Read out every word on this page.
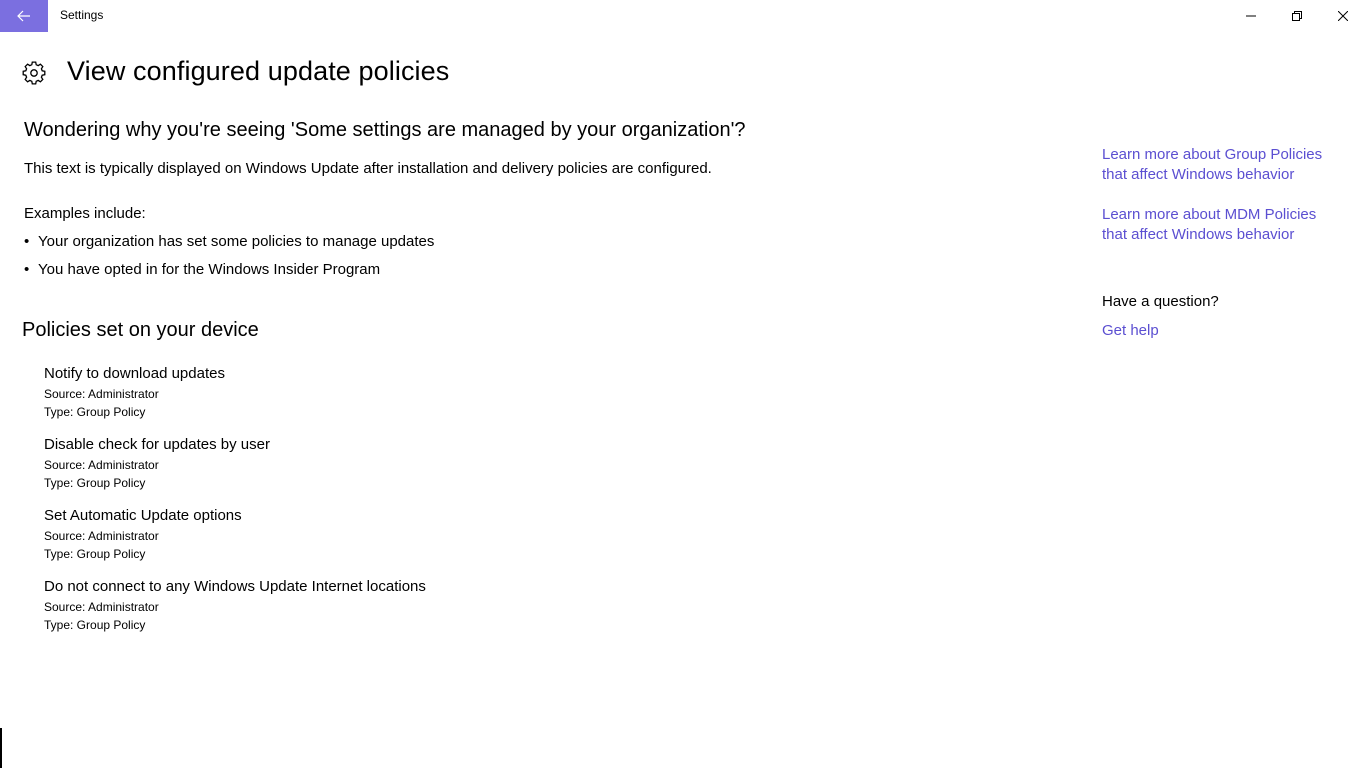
Settings
View configured update policies
Wondering why you're seeing 'Some settings are managed by your organization'?
This text is typically displayed on Windows Update after installation and delivery policies are configured.
Examples include:
• Your organization has set some policies to manage updates
• You have opted in for the Windows Insider Program
Policies set on your device
Notify to download updates
Source: Administrator
Type: Group Policy
Disable check for updates by user
Source: Administrator
Type: Group Policy
Set Automatic Update options
Source: Administrator
Type: Group Policy
Do not connect to any Windows Update Internet locations
Source: Administrator
Type: Group Policy
Learn more about Group Policies
that affect Windows behavior
Learn more about MDM Policies
that affect Windows behavior
Have a question?
Get help
